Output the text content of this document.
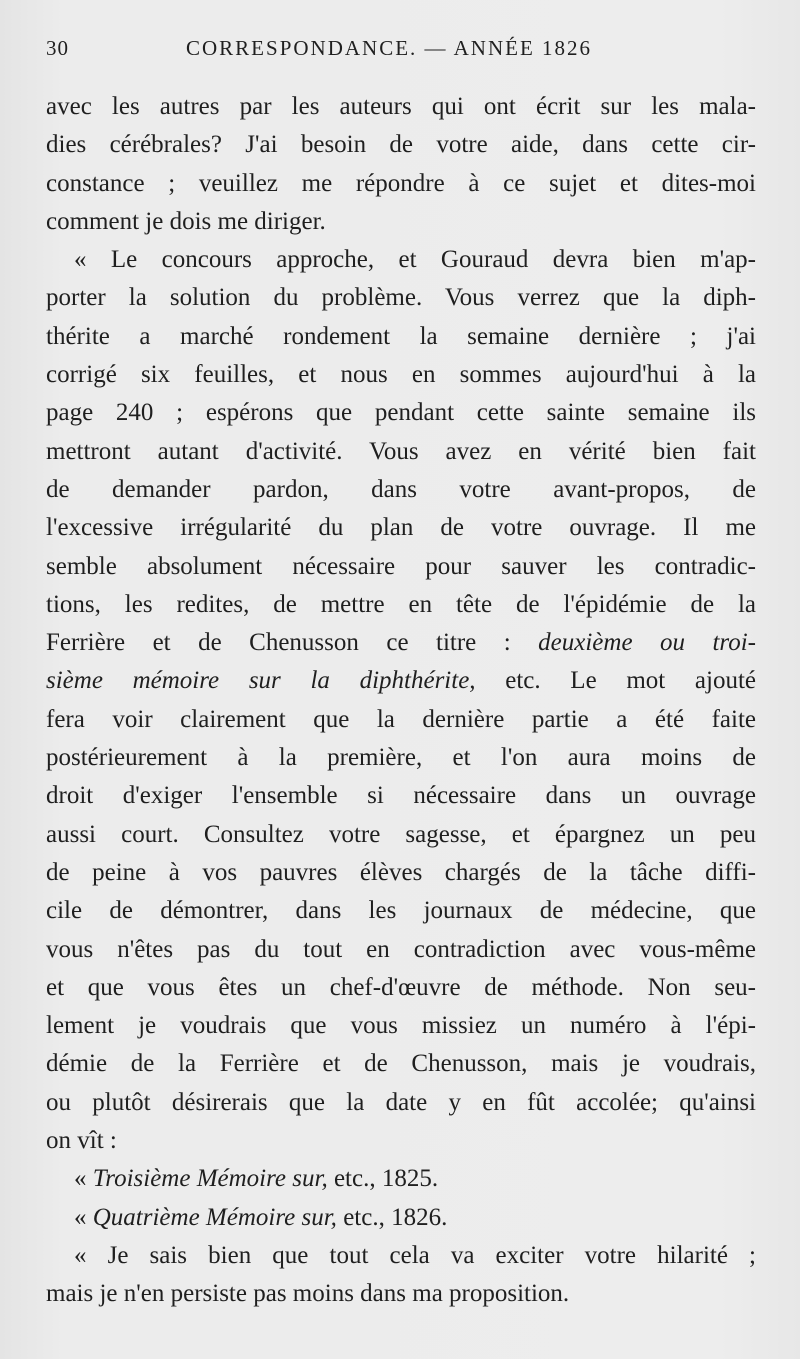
30	CORRESPONDANCE. — ANNÉE 1826
avec les autres par les auteurs qui ont écrit sur les mala-
dies cérébrales? J'ai besoin de votre aide, dans cette cir-
constance ; veuillez me répondre à ce sujet et dites-moi
comment je dois me diriger.
« Le concours approche, et Gouraud devra bien m'ap-
porter la solution du problème. Vous verrez que la diph-
thérite a marché rondement la semaine dernière ; j'ai
corrigé six feuilles, et nous en sommes aujourd'hui à la
page 240 ; espérons que pendant cette sainte semaine ils
mettront autant d'activité. Vous avez en vérité bien fait
de demander pardon, dans votre avant-propos, de
l'excessive irrégularité du plan de votre ouvrage. Il me
semble absolument nécessaire pour sauver les contradic-
tions, les redites, de mettre en tête de l'épidémie de la
Ferrière et de Chenusson ce titre : deuxième ou troi-
sième mémoire sur la diphthérite, etc. Le mot ajouté
fera voir clairement que la dernière partie a été faite
postérieurement à la première, et l'on aura moins de
droit d'exiger l'ensemble si nécessaire dans un ouvrage
aussi court. Consultez votre sagesse, et épargnez un peu
de peine à vos pauvres élèves chargés de la tâche diffi-
cile de démontrer, dans les journaux de médecine, que
vous n'êtes pas du tout en contradiction avec vous-même
et que vous êtes un chef-d'œuvre de méthode. Non seu-
lement je voudrais que vous missiez un numéro à l'épi-
démie de la Ferrière et de Chenusson, mais je voudrais,
ou plutôt désirerais que la date y en fût accolée; qu'ainsi
on vît :
« Troisième Mémoire sur, etc., 1825.
« Quatrième Mémoire sur, etc., 1826.
« Je sais bien que tout cela va exciter votre hilarité ;
mais je n'en persiste pas moins dans ma proposition.
